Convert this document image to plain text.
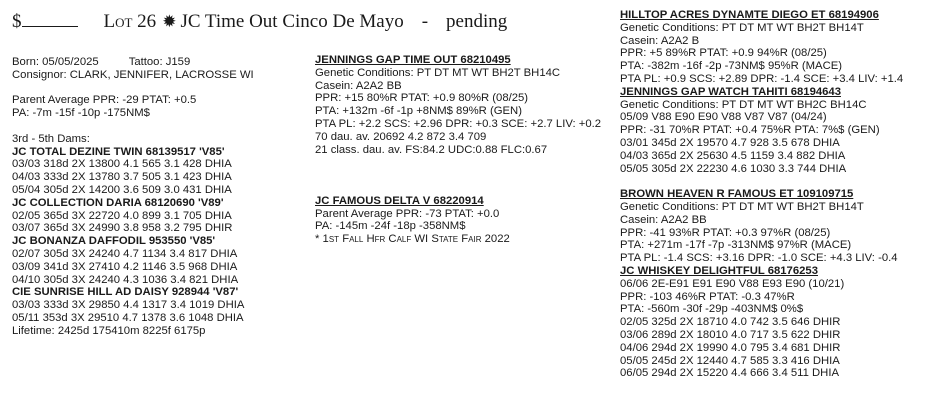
$	Lot 26 ✹ JC Time Out Cinco De Mayo - pending
Born: 05/05/2025	Tattoo: J159
Consignor: CLARK, JENNIFER, LACROSSE WI
Parent Average PPR: -29 PTAT: +0.5
PA: -7m -15f -10p -175NM$
3rd - 5th Dams:
JC TOTAL DEZINE TWIN 68139517 'V85'
03/03 318d 2X 13800 4.1 565 3.1 428 DHIA
04/03 333d 2X 13780 3.7 505 3.1 423 DHIA
05/04 305d 2X 14200 3.6 509 3.0 431 DHIA
JC COLLECTION DARIA 68120690 'V89'
02/05 365d 3X 22720 4.0 899 3.1 705 DHIA
03/07 365d 3X 24990 3.8 958 3.2 795 DHIR
JC BONANZA DAFFODIL 953550 'V85'
02/07 305d 3X 24240 4.7 1134 3.4 817 DHIA
03/09 341d 3X 27410 4.2 1146 3.5 968 DHIA
04/10 305d 3X 24240 4.3 1036 3.4 821 DHIA
CIE SUNRISE HILL AD DAISY 928944 'V87'
03/03 333d 3X 29850 4.4 1317 3.4 1019 DHIA
05/11 353d 3X 29510 4.7 1378 3.6 1048 DHIA
Lifetime: 2425d 175410m 8225f 6175p
JENNINGS GAP TIME OUT 68210495
Genetic Conditions: PT DT MT WT BH2T BH14C
Casein: A2A2 BB
PPR: +15 80%R PTAT: +0.9 80%R (08/25)
PTA: +132m -6f -1p +8NM$ 89%R (GEN)
PTA PL: +2.2 SCS: +2.96 DPR: +0.3 SCE: +2.7 LIV: +0.2
70 dau. av. 20692 4.2 872 3.4 709
21 class. dau. av. FS:84.2 UDC:0.88 FLC:0.67
JC FAMOUS DELTA V 68220914
Parent Average PPR: -73 PTAT: +0.0
PA: -145m -24f -18p -358NM$
* 1st Fall Hfr Calf WI State Fair 2022
HILLTOP ACRES DYNAMTE DIEGO ET 68194906
Genetic Conditions: PT DT MT WT BH2T BH14T
Casein: A2A2 B
PPR: +5 89%R PTAT: +0.9 94%R (08/25)
PTA: -382m -16f -2p -73NM$ 95%R (MACE)
PTA PL: +0.9 SCS: +2.89 DPR: -1.4 SCE: +3.4 LIV: +1.4
JENNINGS GAP WATCH TAHITI 68194643
Genetic Conditions: PT DT MT WT BH2C BH14C
05/09 V88 E90 E90 V88 V87 V87 (04/24)
PPR: -31 70%R PTAT: +0.4 75%R PTA: 7%$ (GEN)
03/01 345d 2X 19570 4.7 928 3.5 678 DHIA
04/03 365d 2X 25630 4.5 1159 3.4 882 DHIA
05/05 305d 2X 22230 4.6 1030 3.3 744 DHIA
BROWN HEAVEN R FAMOUS ET 109109715
Genetic Conditions: PT DT MT WT BH2T BH14T
Casein: A2A2 BB
PPR: -41 93%R PTAT: +0.3 97%R (08/25)
PTA: +271m -17f -7p -313NM$ 97%R (MACE)
PTA PL: -1.4 SCS: +3.16 DPR: -1.0 SCE: +4.3 LIV: -0.4
JC WHISKEY DELIGHTFUL 68176253
06/06 2E-E91 E91 E90 V88 E93 E90 (10/21)
PPR: -103 46%R PTAT: -0.3 47%R
PTA: -560m -30f -29p -403NM$ 0%$
02/05 325d 2X 18710 4.0 742 3.5 646 DHIR
03/06 289d 2X 18010 4.0 717 3.5 622 DHIR
04/06 294d 2X 19990 4.0 795 3.4 681 DHIR
05/05 245d 2X 12440 4.7 585 3.3 416 DHIA
06/05 294d 2X 15220 4.4 666 3.4 511 DHIA
